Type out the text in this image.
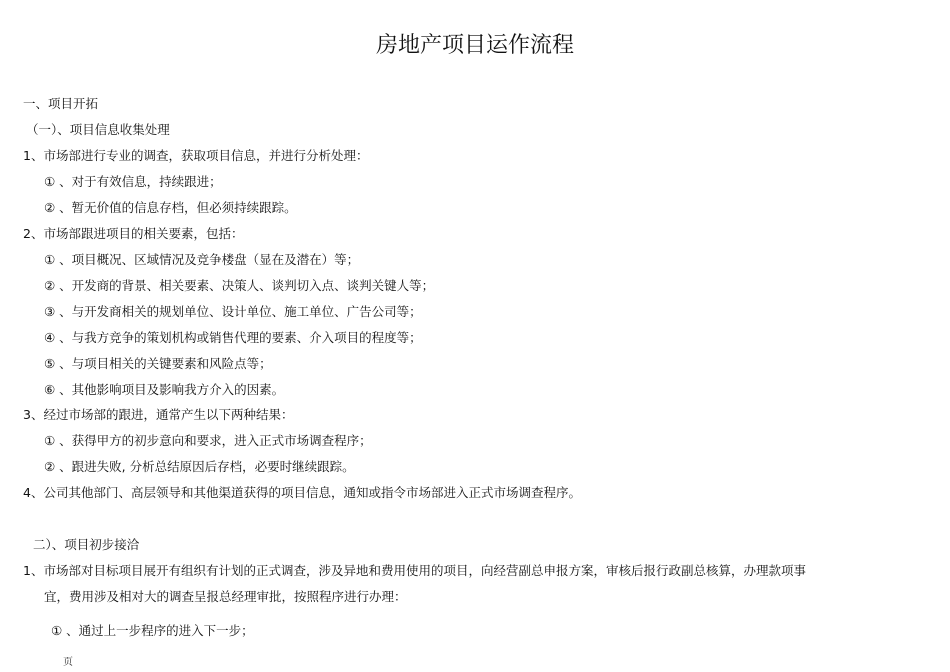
房地产项目运作流程
一、项目开拓
（一）、项目信息收集处理
1、市场部进行专业的调查，获取项目信息，并进行分析处理：
① 、对于有效信息，持续跟进；
② 、暂无价值的信息存档，但必须持续跟踪。
2、市场部跟进项目的相关要素，包括：
① 、项目概况、区域情况及竞争楼盘（显在及潜在）等；
② 、开发商的背景、相关要素、决策人、谈判切入点、谈判关键人等；
③ 、与开发商相关的规划单位、设计单位、施工单位、广告公司等；
④ 、与我方竞争的策划机构或销售代理的要素、介入项目的程度等；
⑤ 、与项目相关的关键要素和风险点等；
⑥ 、其他影响项目及影响我方介入的因素。
3、经过市场部的跟进，通常产生以下两种结果：
① 、获得甲方的初步意向和要求，进入正式市场调查程序；
② 、跟进失败, 分析总结原因后存档，必要时继续跟踪。
4、公司其他部门、高层领导和其他渠道获得的项目信息，通知或指令市场部进入正式市场调查程序。
二）、项目初步接洽
1、市场部对目标项目展开有组织有计划的正式调查，涉及异地和费用使用的项目，向经营副总申报方案，审核后报行政副总核算，办理款项事
宜，费用涉及相对大的调查呈报总经理审批，按照程序进行办理：
① 、通过上一步程序的进入下一步；
页
